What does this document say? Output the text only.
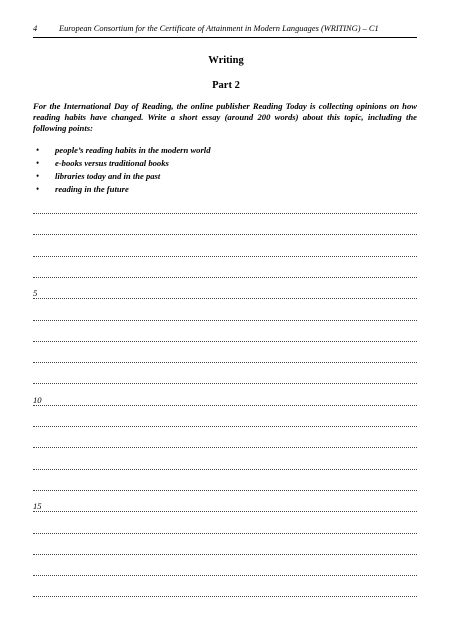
4	European Consortium for the Certificate of Attainment in Modern Languages (WRITING) – C1
Writing
Part 2
For the International Day of Reading, the online publisher Reading Today is collecting opinions on how reading habits have changed. Write a short essay (around 200 words) about this topic, including the following points:
• people’s reading habits in the modern world
• e-books versus traditional books
• libraries today and in the past
• reading in the future
5
10
15
